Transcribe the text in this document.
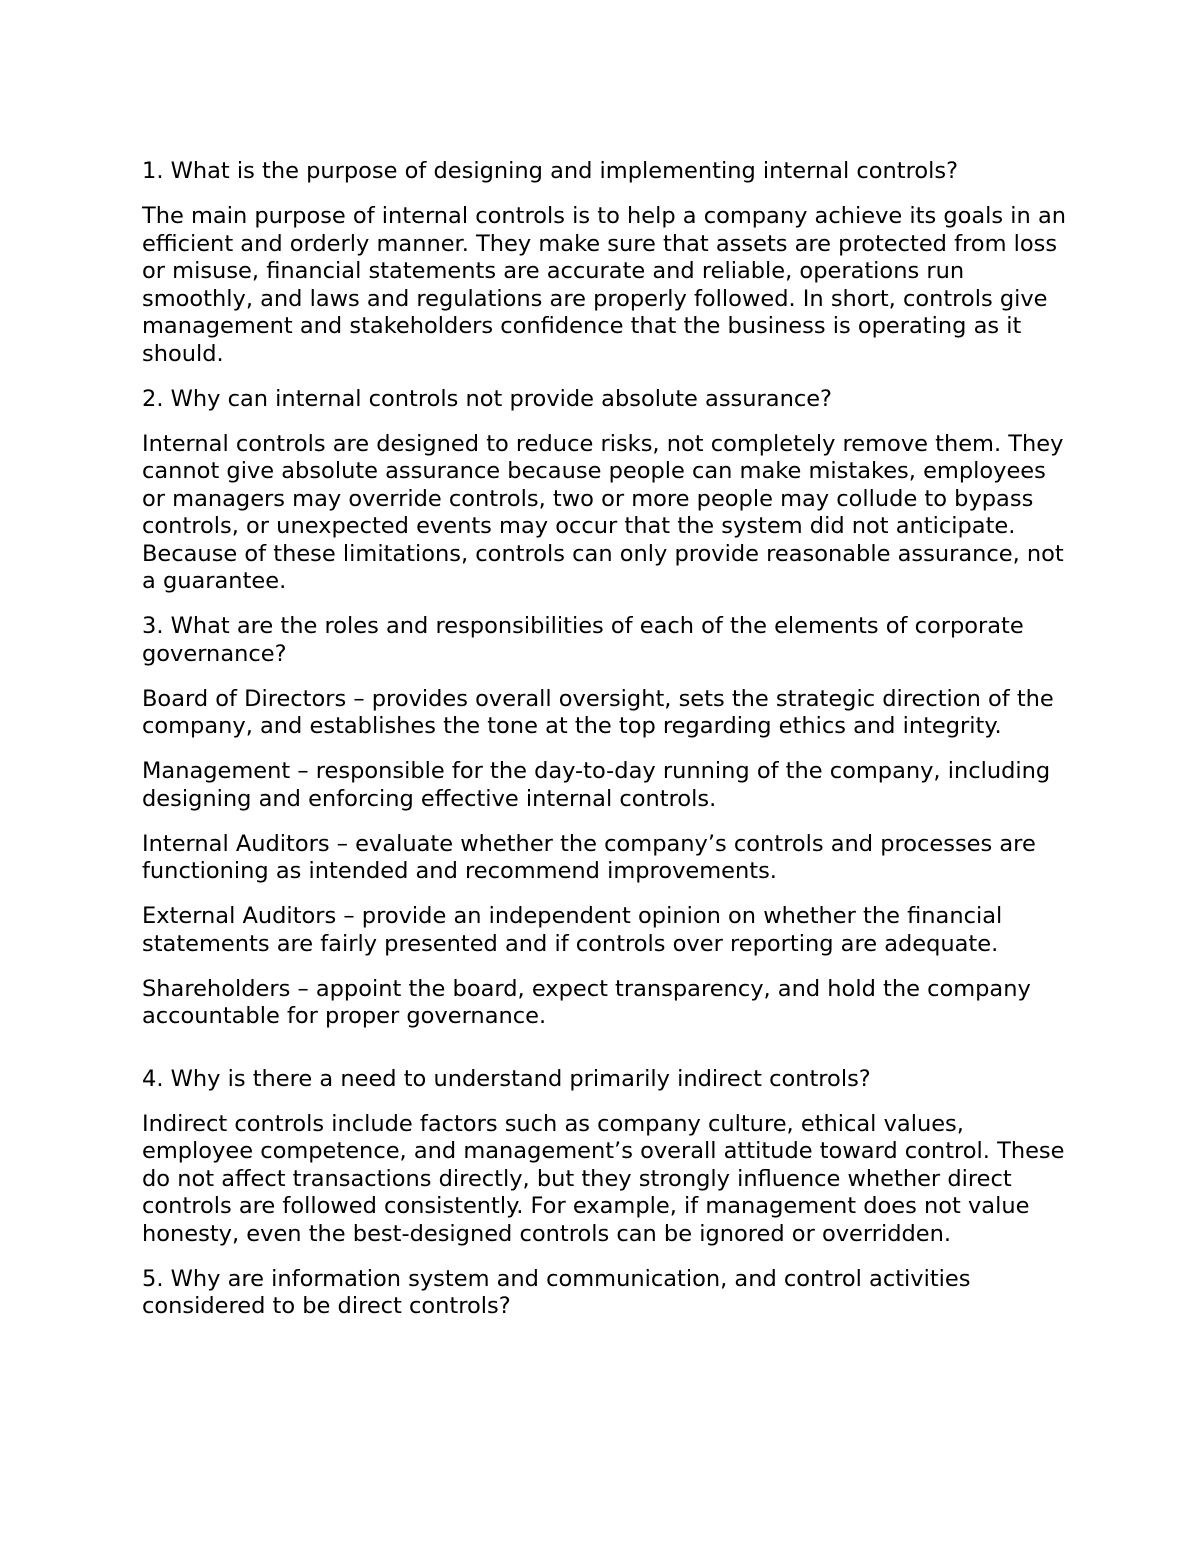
1. What is the purpose of designing and implementing internal controls?

The main purpose of internal controls is to help a company achieve its goals in an efficient and orderly manner. They make sure that assets are protected from loss or misuse, financial statements are accurate and reliable, operations run smoothly, and laws and regulations are properly followed. In short, controls give management and stakeholders confidence that the business is operating as it should.

2. Why can internal controls not provide absolute assurance?

Internal controls are designed to reduce risks, not completely remove them. They cannot give absolute assurance because people can make mistakes, employees or managers may override controls, two or more people may collude to bypass controls, or unexpected events may occur that the system did not anticipate. Because of these limitations, controls can only provide reasonable assurance, not a guarantee.

3. What are the roles and responsibilities of each of the elements of corporate governance?

Board of Directors – provides overall oversight, sets the strategic direction of the company, and establishes the tone at the top regarding ethics and integrity.

Management – responsible for the day-to-day running of the company, including designing and enforcing effective internal controls.

Internal Auditors – evaluate whether the company’s controls and processes are functioning as intended and recommend improvements.

External Auditors – provide an independent opinion on whether the financial statements are fairly presented and if controls over reporting are adequate.

Shareholders – appoint the board, expect transparency, and hold the company accountable for proper governance.

4. Why is there a need to understand primarily indirect controls?

Indirect controls include factors such as company culture, ethical values, employee competence, and management’s overall attitude toward control. These do not affect transactions directly, but they strongly influence whether direct controls are followed consistently. For example, if management does not value honesty, even the best-designed controls can be ignored or overridden.

5. Why are information system and communication, and control activities considered to be direct controls?
